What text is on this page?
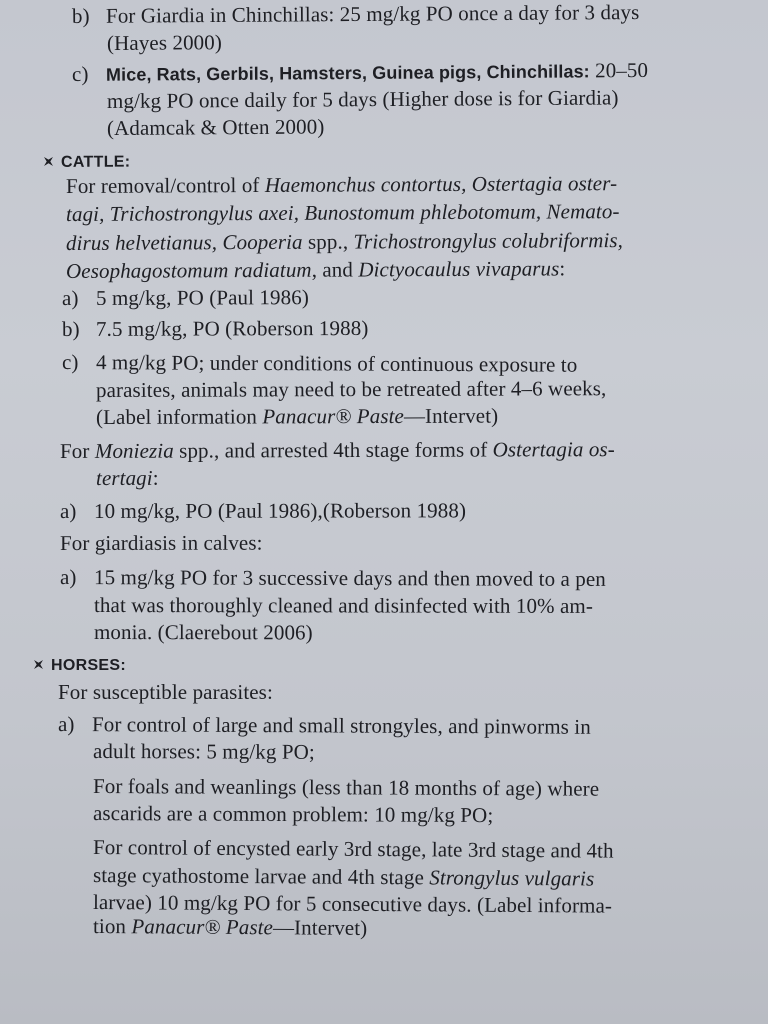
b) For Giardia in Chinchillas: 25 mg/kg PO once a day for 3 days
(Hayes 2000)
c) Mice, Rats, Gerbils, Hamsters, Guinea pigs, Chinchillas: 20–50
mg/kg PO once daily for 5 days (Higher dose is for Giardia)
(Adamcak & Otten 2000)
CATTLE:
For removal/control of Haemonchus contortus, Ostertagia oster-
tagi, Trichostrongylus axei, Bunostomum phlebotomum, Nemato-
dirus helvetianus, Cooperia spp., Trichostrongylus colubriformis,
Oesophagostomum radiatum, and Dictyocaulus vivaparus:
a) 5 mg/kg, PO (Paul 1986)
b) 7.5 mg/kg, PO (Roberson 1988)
c) 4 mg/kg PO; under conditions of continuous exposure to
parasites, animals may need to be retreated after 4–6 weeks,
(Label information Panacur® Paste—Intervet)
For Moniezia spp., and arrested 4th stage forms of Ostertagia os-
tertagi:
a) 10 mg/kg, PO (Paul 1986),(Roberson 1988)
For giardiasis in calves:
a) 15 mg/kg PO for 3 successive days and then moved to a pen
that was thoroughly cleaned and disinfected with 10% am-
monia. (Claerebout 2006)
HORSES:
For susceptible parasites:
a) For control of large and small strongyles, and pinworms in
adult horses: 5 mg/kg PO;
For foals and weanlings (less than 18 months of age) where
ascarids are a common problem: 10 mg/kg PO;
For control of encysted early 3rd stage, late 3rd stage and 4th
stage cyathostome larvae and 4th stage Strongylus vulgaris
larvae) 10 mg/kg PO for 5 consecutive days. (Label informa-
tion Panacur® Paste—Intervet)
